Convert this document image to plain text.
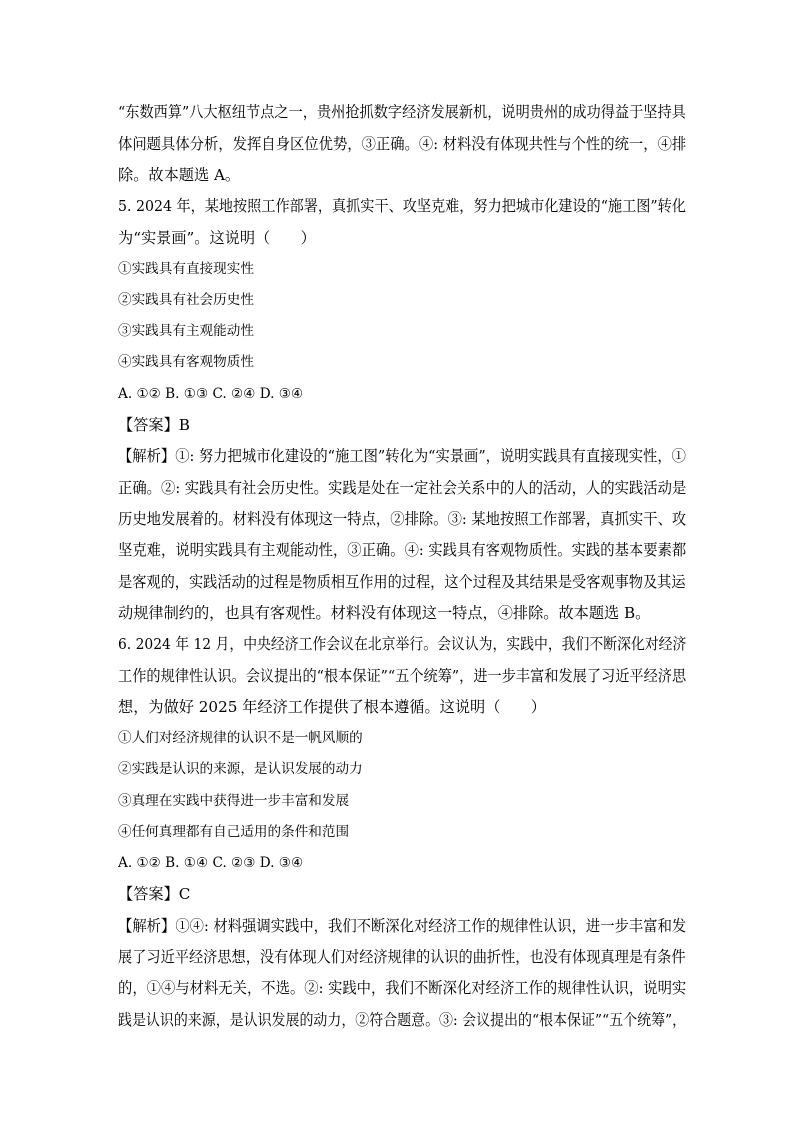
“东数西算”八大枢纽节点之一，贵州抢抓数字经济发展新机，说明贵州的成功得益于坚持具
体问题具体分析，发挥自身区位优势，③正确。④: 材料没有体现共性与个性的统一，④排
除。故本题选 A。
5. 2024 年，某地按照工作部署，真抓实干、攻坚克难，努力把城市化建设的“施工图”转化
为“实景画”。这说明（　　）
①实践具有直接现实性
②实践具有社会历史性
③实践具有主观能动性
④实践具有客观物质性
A. ①② B. ①③ C. ②④ D. ③④
【答案】B
【解析】①: 努力把城市化建设的“施工图”转化为“实景画”，说明实践具有直接现实性，①
正确。②: 实践具有社会历史性。实践是处在一定社会关系中的人的活动，人的实践活动是
历史地发展着的。材料没有体现这一特点，②排除。③: 某地按照工作部署，真抓实干、攻
坚克难，说明实践具有主观能动性，③正确。④: 实践具有客观物质性。实践的基本要素都
是客观的，实践活动的过程是物质相互作用的过程，这个过程及其结果是受客观事物及其运
动规律制约的，也具有客观性。材料没有体现这一特点，④排除。故本题选 B。
6. 2024 年 12 月，中央经济工作会议在北京举行。会议认为，实践中，我们不断深化对经济
工作的规律性认识。会议提出的“根本保证”“五个统筹”，进一步丰富和发展了习近平经济思
想，为做好 2025 年经济工作提供了根本遵循。这说明（　　）
①人们对经济规律的认识不是一帆风顺的
②实践是认识的来源，是认识发展的动力
③真理在实践中获得进一步丰富和发展
④任何真理都有自己适用的条件和范围
A. ①② B. ①④ C. ②③ D. ③④
【答案】C
【解析】①④: 材料强调实践中，我们不断深化对经济工作的规律性认识，进一步丰富和发
展了习近平经济思想，没有体现人们对经济规律的认识的曲折性，也没有体现真理是有条件
的，①④与材料无关，不选。②: 实践中，我们不断深化对经济工作的规律性认识，说明实
践是认识的来源，是认识发展的动力，②符合题意。③: 会议提出的“根本保证”“五个统筹”，
